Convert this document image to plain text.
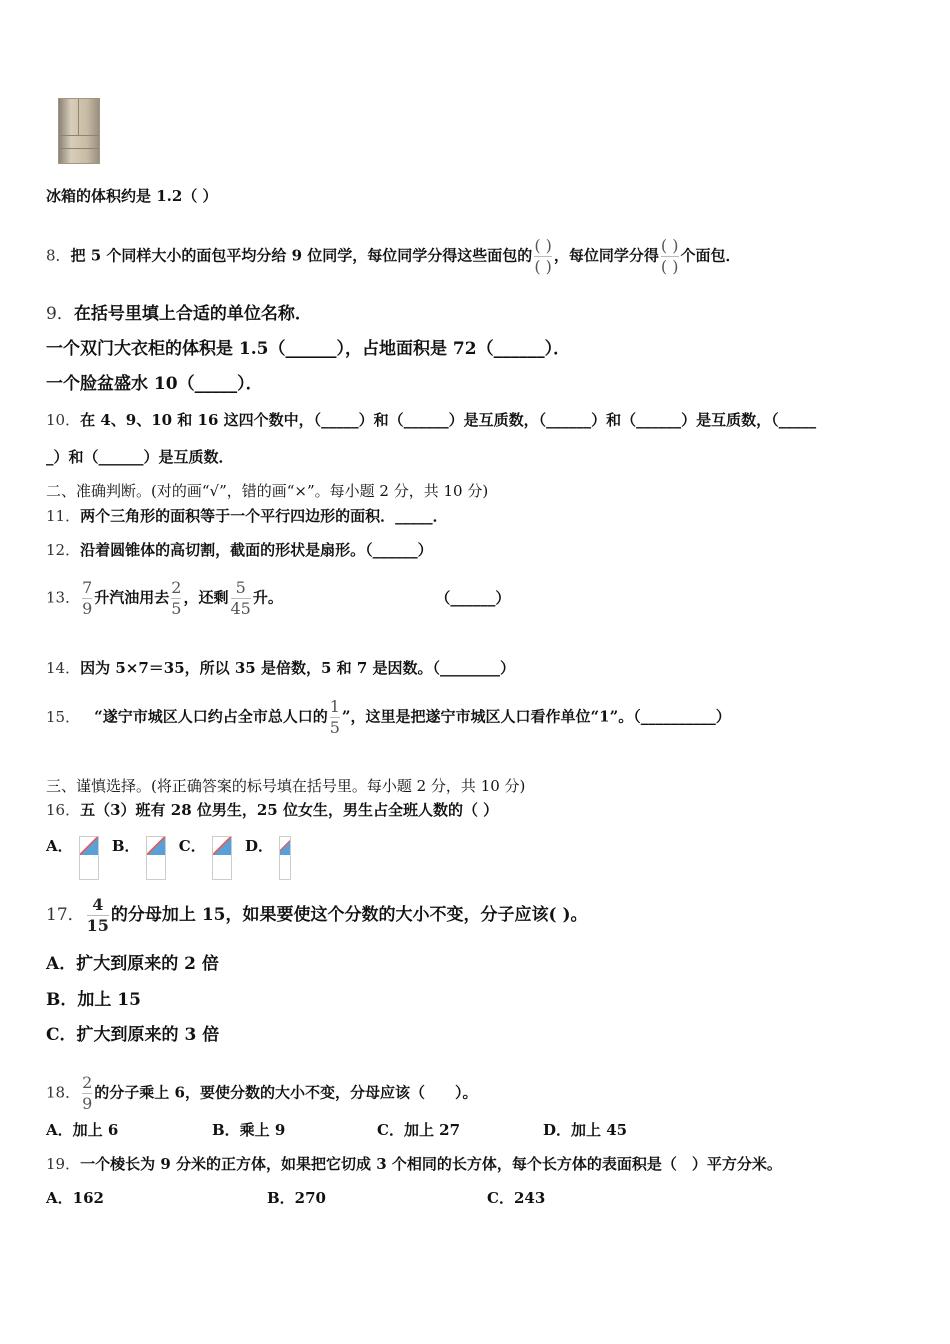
冰箱的体积约是 1.2（ ）
8．把 5 个同样大小的面包平均分给 9 位同学，每位同学分得这些面包的 $\frac{( )}{( )}$ ，每位同学分得 $\frac{( )}{( )}$ 个面包．
9．在括号里填上合适的单位名称．
一个双门大衣柜的体积是 1.5（______），占地面积是 72（______）．
一个脸盆盛水 10（_____）．
10．在 4、9、10 和 16 这四个数中，（_____）和（______）是互质数，（______）和（______）是互质数，（_____
_）和（______）是互质数．
二、准确判断。(对的画“√”，错的画“×”。每小题 2 分，共 10 分)
11．两个三角形的面积等于一个平行四边形的面积．_____．
12．沿着圆锥体的高切割，截面的形状是扇形。（______）
13． $\frac{7}{9}$ 升汽油用去 $\frac{2}{5}$ ，还剩 $\frac{5}{45}$ 升。	（______）
14．因为 5×7＝35，所以 35 是倍数，5 和 7 是因数。（________）
15． “遂宁市城区人口约占全市总人口的 $\frac{1}{5}$ ”，这里是把遂宁市城区人口看作单位“1”。（__________）
三、谨慎选择。(将正确答案的标号填在括号里。每小题 2 分，共 10 分)
16．五（3）班有 28 位男生，25 位女生，男生占全班人数的（ ）
A．	B．	C．	D．
17． $\frac{4}{15}$ 的分母加上 15，如果要使这个分数的大小不变，分子应该( )。
A．扩大到原来的 2 倍
B．加上 15
C．扩大到原来的 3 倍
18． $\frac{2}{9}$ 的分子乘上 6，要使分数的大小不变，分母应该（　　）。
A．加上 6	B．乘上 9	C．加上 27	D．加上 45
19．一个棱长为 9 分米的正方体，如果把它切成 3 个相同的长方体，每个长方体的表面积是（　）平方分米。
A．162	B．270	C．243
